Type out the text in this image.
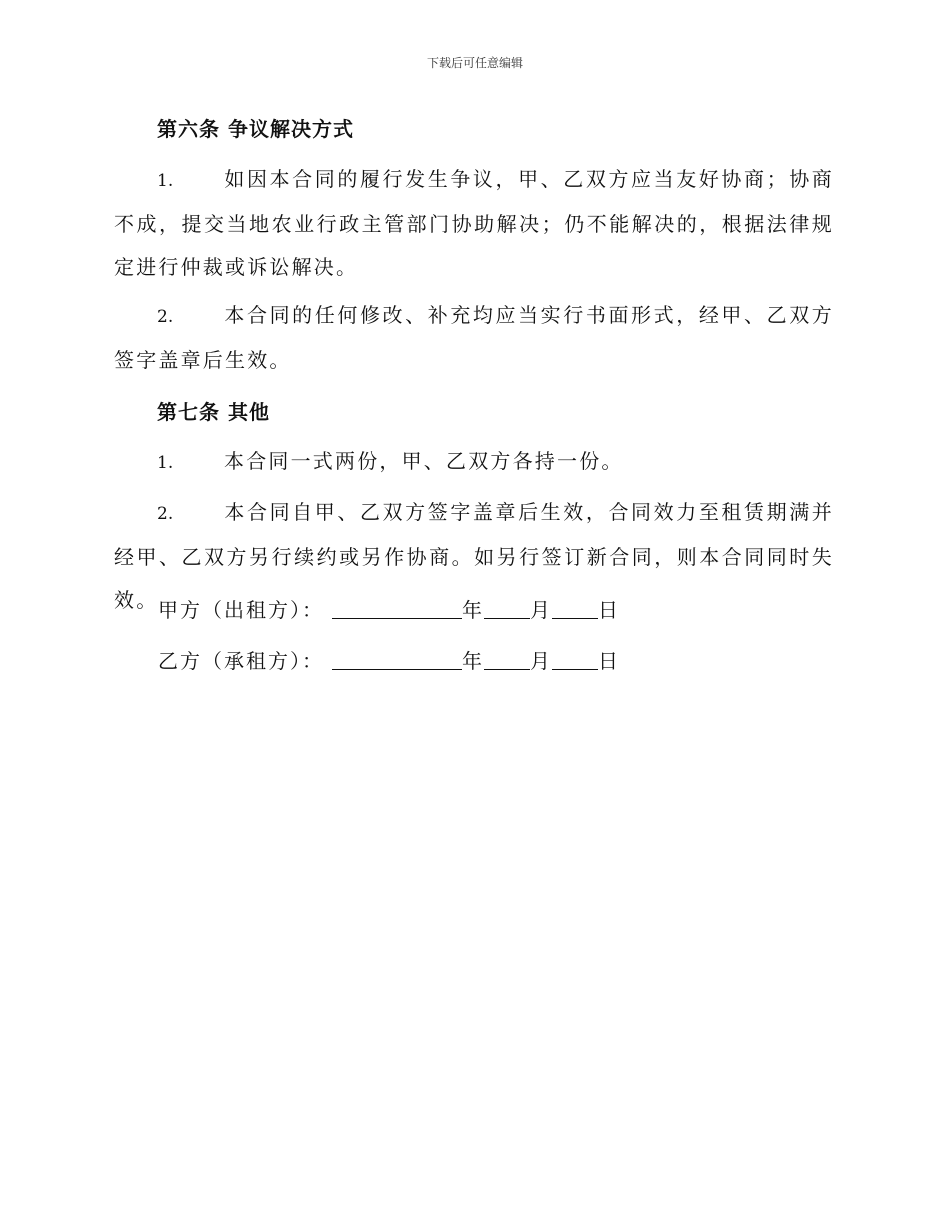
下载后可任意编辑
第六条 争议解决方式
1.	如因本合同的履行发生争议，甲、乙双方应当友好协商；协商不成，提交当地农业行政主管部门协助解决；仍不能解决的，根据法律规定进行仲裁或诉讼解决。
2.	本合同的任何修改、补充均应当实行书面形式，经甲、乙双方签字盖章后生效。
第七条 其他
1.	本合同一式两份，甲、乙双方各持一份。
2.	本合同自甲、乙双方签字盖章后生效，合同效力至租赁期满并经甲、乙双方另行续约或另作协商。如另行签订新合同，则本合同同时失效。 甲方（出租方）：	年 月 日
乙方（承租方）：	年 月 日
